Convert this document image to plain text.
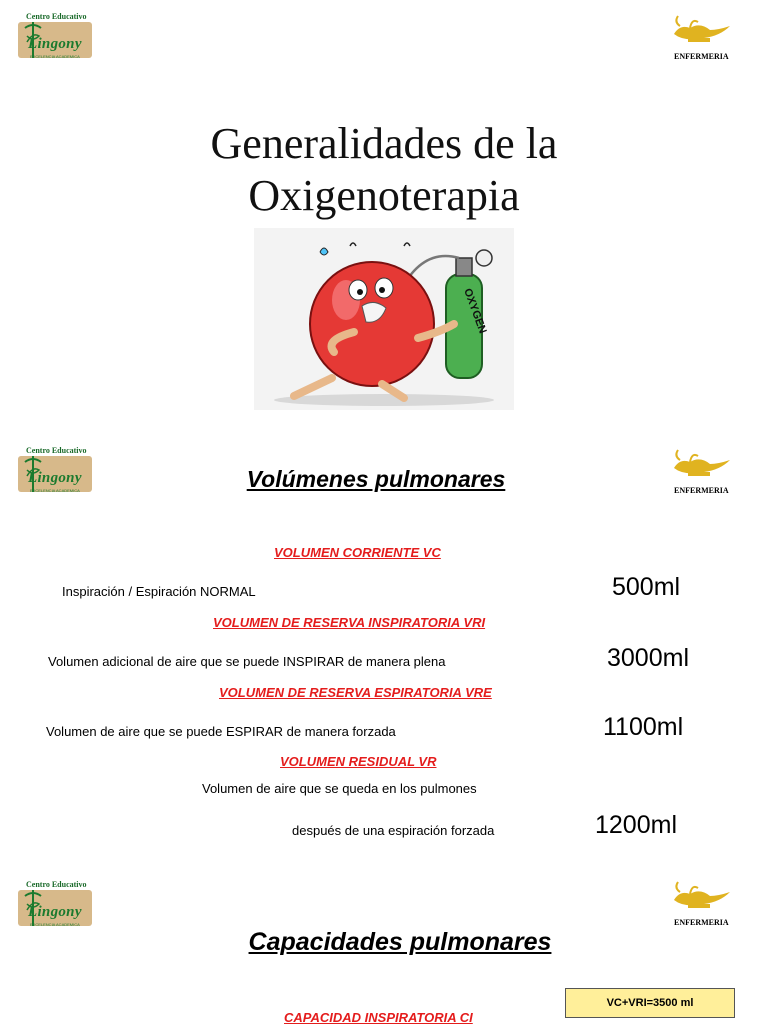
Centro Educativo
Lingony
EXCELENCIA ACADEMICA	ENFERMERIA
Generalidades de la
Oxigenoterapia
OXYGEN
Centro Educativo
Lingony
EXCELENCIA ACADEMICA	ENFERMERIA
Volúmenes pulmonares
VOLUMEN CORRIENTE VC
Inspiración / Espiración NORMAL	500ml
VOLUMEN DE RESERVA INSPIRATORIA VRI
Volumen adicional de aire que se puede INSPIRAR de manera plena	3000ml
VOLUMEN DE RESERVA ESPIRATORIA VRE
Volumen de aire que se puede ESPIRAR de manera forzada	1100ml
VOLUMEN RESIDUAL VR
Volumen de aire que se queda en los pulmones
después de una espiración forzada	1200ml
Centro Educativo
Lingony
EXCELENCIA ACADEMICA	ENFERMERIA
Capacidades pulmonares
CAPACIDAD INSPIRATORIA CI
VC+VRI=3500 ml
